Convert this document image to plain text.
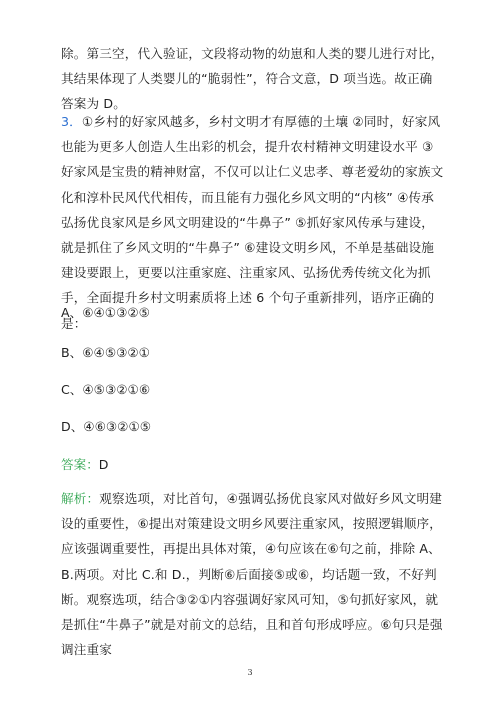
除。第三空，代入验证，文段将动物的幼崽和人类的婴儿进行对比，其结果体现了人类婴儿的“脆弱性”，符合文意，D 项当选。故正确答案为 D。

3．①乡村的好家风越多，乡村文明才有厚德的土壤 ②同时，好家风也能为更多人创造人生出彩的机会，提升农村精神文明建设水平 ③好家风是宝贵的精神财富，不仅可以让仁义忠孝、尊老爱幼的家族文化和淳朴民风代代相传，而且能有力强化乡风文明的“内核” ④传承弘扬优良家风是乡风文明建设的“牛鼻子” ⑤抓好家风传承与建设，就是抓住了乡风文明的“牛鼻子” ⑥建设文明乡风，不单是基础设施建设要跟上，更要以注重家庭、注重家风、弘扬优秀传统文化为抓手，全面提升乡村文明素质将上述 6 个句子重新排列，语序正确的是：

A、⑥④①③②⑤

B、⑥④⑤③②①

C、④⑤③②①⑥

D、④⑥③②①⑤

答案：D

解析：观察选项，对比首句，④强调弘扬优良家风对做好乡风文明建设的重要性，⑥提出对策建设文明乡风要注重家风，按照逻辑顺序，应该强调重要性，再提出具体对策，④句应该在⑥句之前，排除 A、B.两项。对比 C.和 D.，判断⑥后面接⑤或⑥，均话题一致，不好判断。观察选项，结合③②①内容强调好家风可知，⑤句抓好家风，就是抓住“牛鼻子”就是对前文的总结，且和首句形成呼应。⑥句只是强调注重家

3
